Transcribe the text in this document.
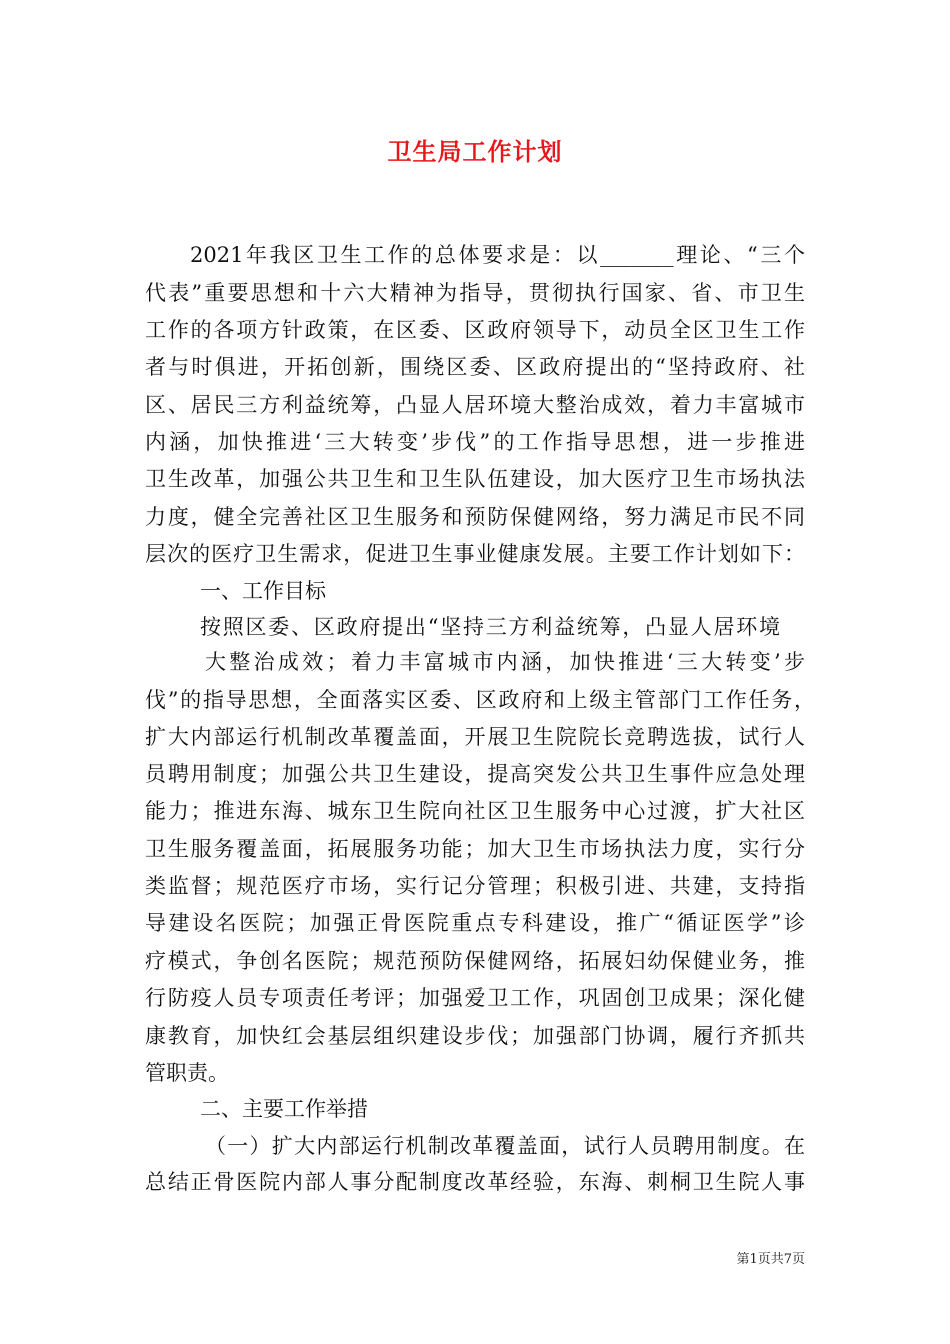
卫生局工作计划
2021年我区卫生工作的总体要求是：以_______理论、“三个
代表”重要思想和十六大精神为指导，贯彻执行国家、省、市卫生
工作的各项方针政策，在区委、区政府领导下，动员全区卫生工作
者与时俱进，开拓创新，围绕区委、区政府提出的“坚持政府、社
区、居民三方利益统筹，凸显人居环境大整治成效，着力丰富城市
内涵，加快推进‘三大转变’步伐”的工作指导思想，进一步推进
卫生改革，加强公共卫生和卫生队伍建设，加大医疗卫生市场执法
力度，健全完善社区卫生服务和预防保健网络，努力满足市民不同
层次的医疗卫生需求，促进卫生事业健康发展。主要工作计划如下：
一、工作目标
按照区委、区政府提出“坚持三方利益统筹，凸显人居环境
大整治成效；着力丰富城市内涵，加快推进‘三大转变’步
伐”的指导思想，全面落实区委、区政府和上级主管部门工作任务，
扩大内部运行机制改革覆盖面，开展卫生院院长竞聘选拔，试行人
员聘用制度；加强公共卫生建设，提高突发公共卫生事件应急处理
能力；推进东海、城东卫生院向社区卫生服务中心过渡，扩大社区
卫生服务覆盖面，拓展服务功能；加大卫生市场执法力度，实行分
类监督；规范医疗市场，实行记分管理；积极引进、共建，支持指
导建设名医院；加强正骨医院重点专科建设，推广“循证医学”诊
疗模式，争创名医院；规范预防保健网络，拓展妇幼保健业务，推
行防疫人员专项责任考评；加强爱卫工作，巩固创卫成果；深化健
康教育，加快红会基层组织建设步伐；加强部门协调，履行齐抓共
管职责。
二、主要工作举措
（一）扩大内部运行机制改革覆盖面，试行人员聘用制度。在
总结正骨医院内部人事分配制度改革经验，东海、刺桐卫生院人事
第1页共7页
